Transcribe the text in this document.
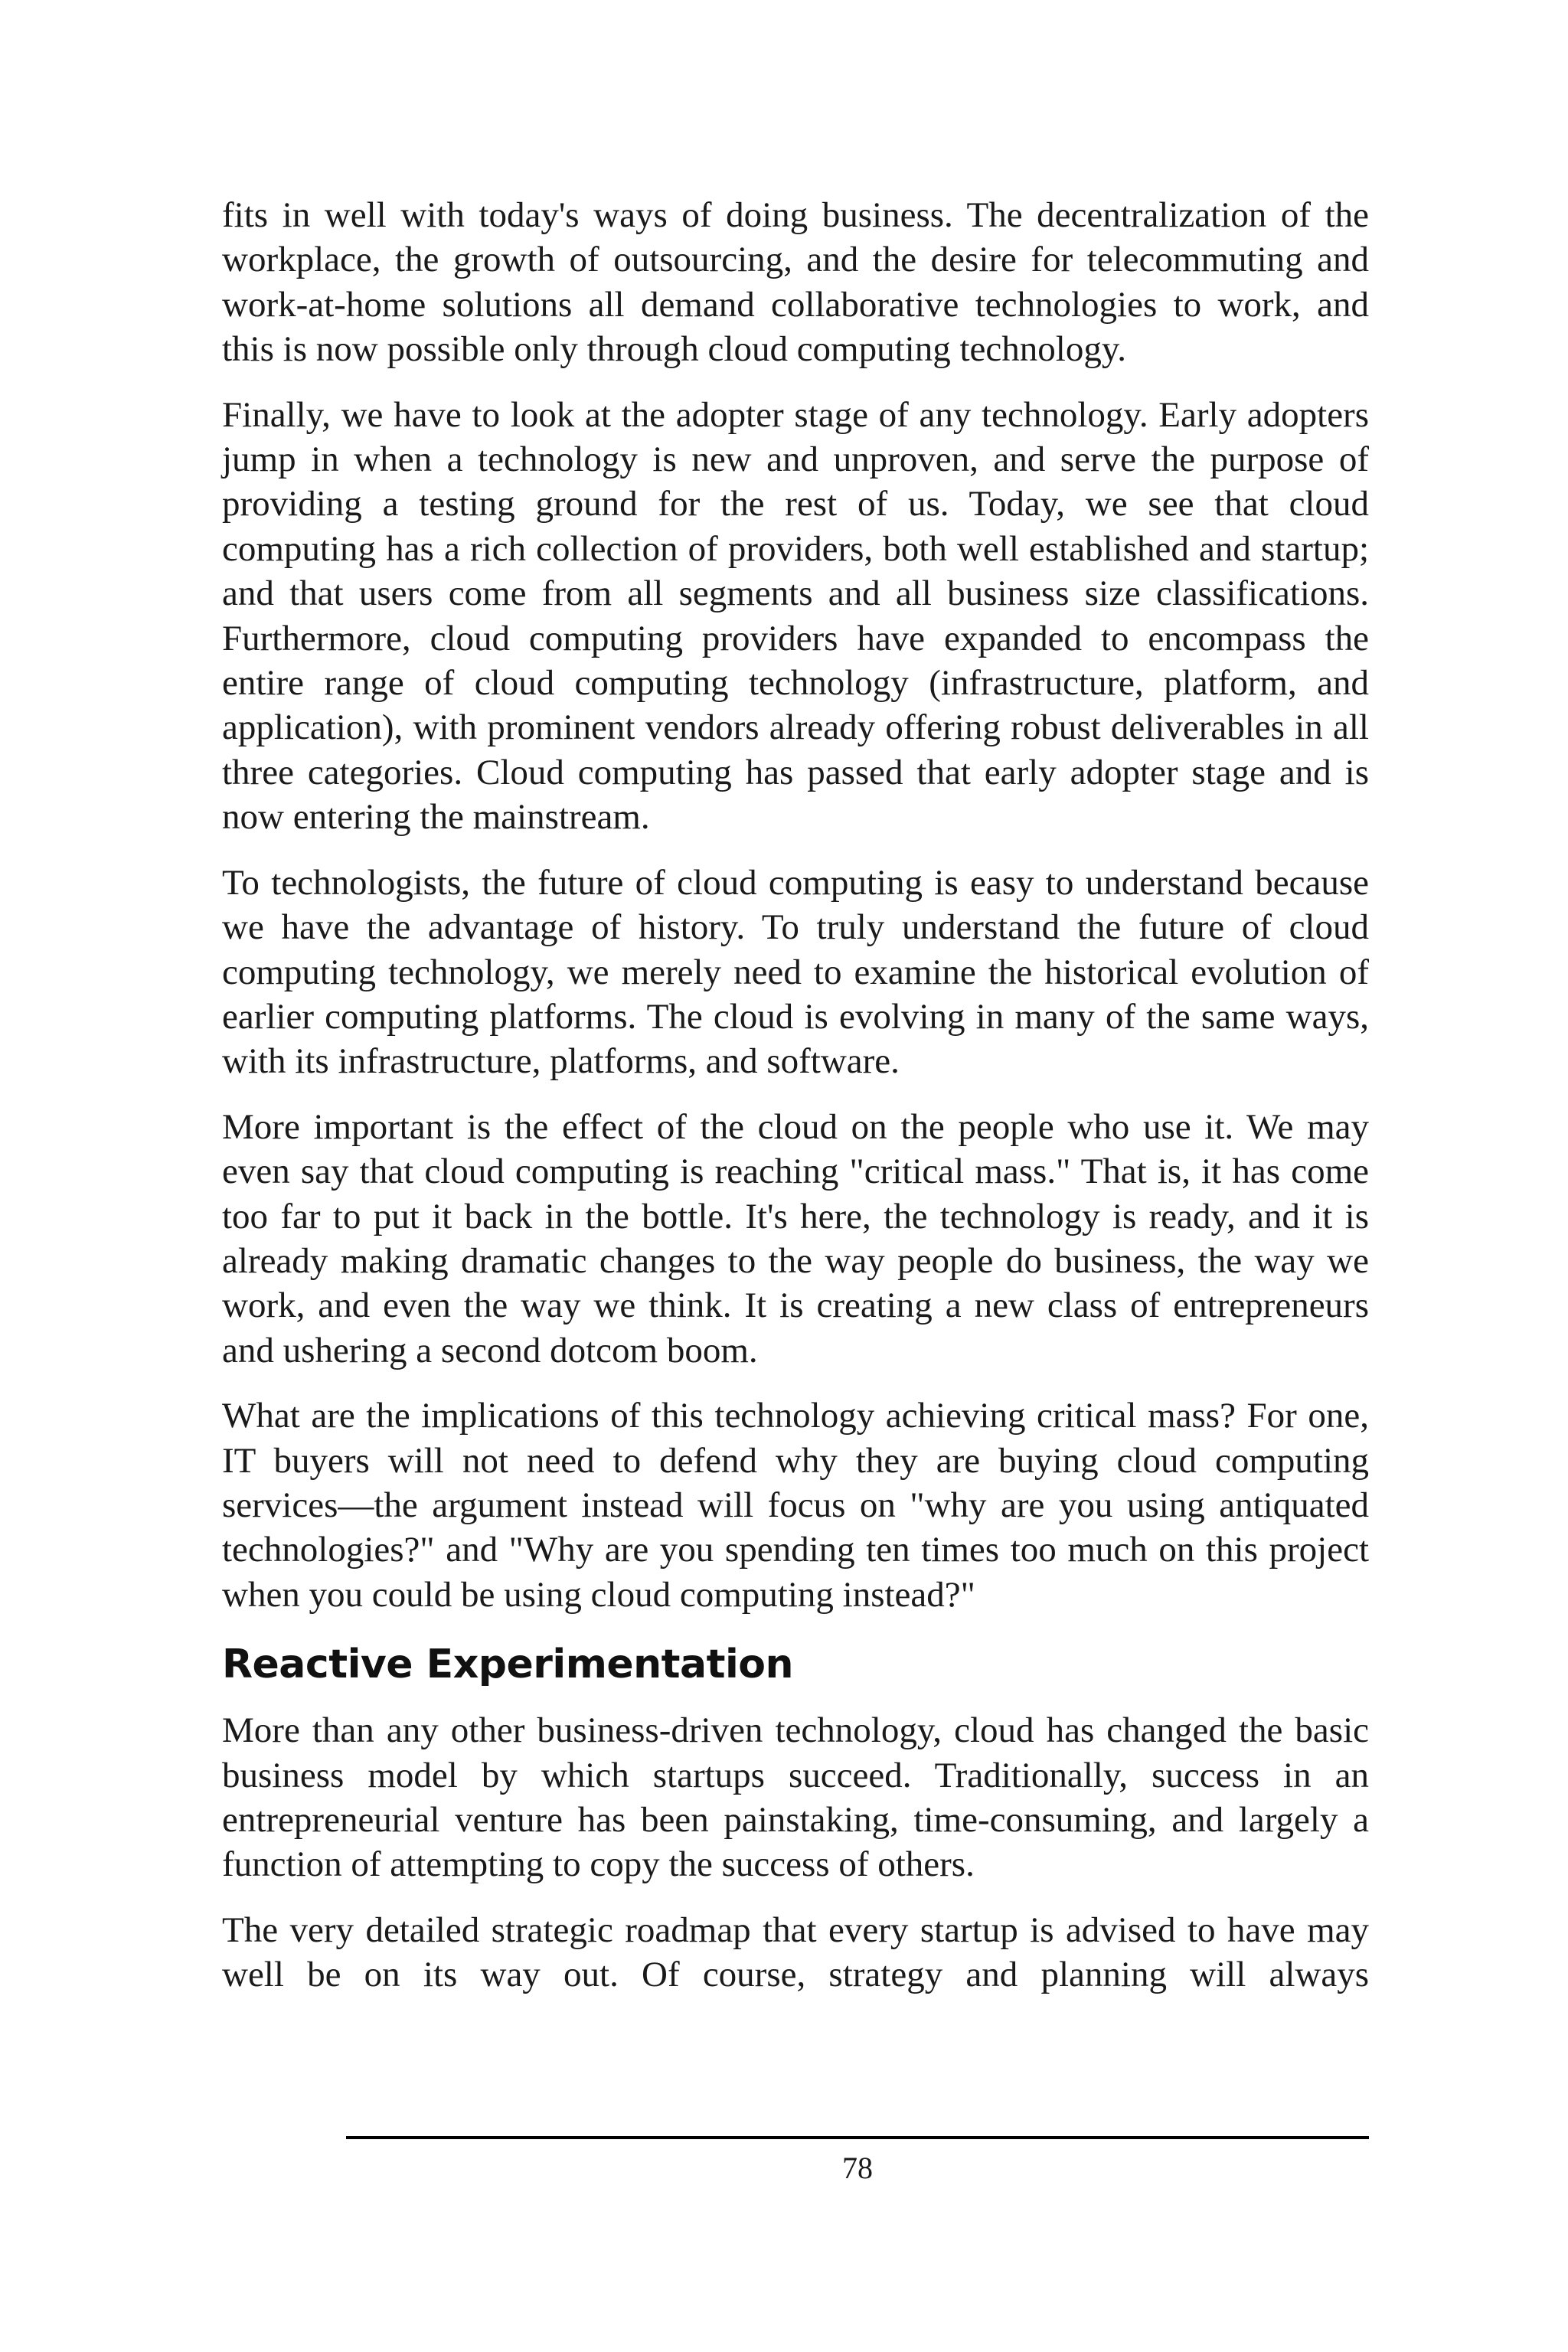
fits in well with today's ways of doing business. The decentralization of the workplace, the growth of outsourcing, and the desire for telecommuting and work-at-home solutions all demand collaborative technologies to work, and this is now possible only through cloud computing technology.

Finally, we have to look at the adopter stage of any technology. Early adopters jump in when a technology is new and unproven, and serve the purpose of providing a testing ground for the rest of us. Today, we see that cloud computing has a rich collection of providers, both well established and startup; and that users come from all segments and all business size classifications. Furthermore, cloud computing providers have expanded to encompass the entire range of cloud computing technology (infrastructure, platform, and application), with prominent vendors already offering robust deliverables in all three categories. Cloud computing has passed that early adopter stage and is now entering the mainstream.

To technologists, the future of cloud computing is easy to understand because we have the advantage of history. To truly understand the future of cloud computing technology, we merely need to examine the historical evolution of earlier computing platforms. The cloud is evolving in many of the same ways, with its infrastructure, platforms, and software.

More important is the effect of the cloud on the people who use it. We may even say that cloud computing is reaching "critical mass." That is, it has come too far to put it back in the bottle. It's here, the technology is ready, and it is already making dramatic changes to the way people do business, the way we work, and even the way we think. It is creating a new class of entrepreneurs and ushering a second dotcom boom.

What are the implications of this technology achieving critical mass? For one, IT buyers will not need to defend why they are buying cloud computing services—the argument instead will focus on "why are you using antiquated technologies?" and "Why are you spending ten times too much on this project when you could be using cloud computing instead?"

Reactive Experimentation

More than any other business-driven technology, cloud has changed the basic business model by which startups succeed. Traditionally, success in an entrepreneurial venture has been painstaking, time-consuming, and largely a function of attempting to copy the success of others.

The very detailed strategic roadmap that every startup is advised to have may well be on its way out. Of course, strategy and planning will always

78
